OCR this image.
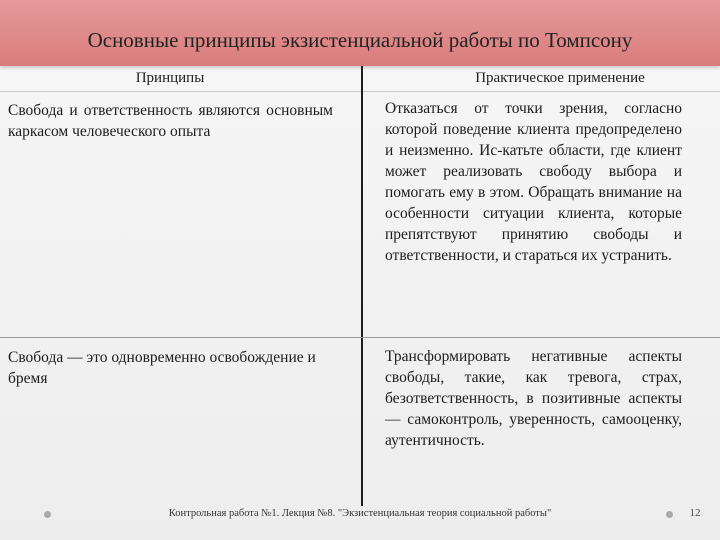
Основные принципы экзистенциальной работы по Томпсону
Принципы	Практическое применение
Свобода и ответственность являются основным каркасом человеческого опыта
Отказаться от точки зрения, согласно которой поведение клиента предопределено и неизменно. Ис-катьте области, где клиент может реализовать свободу выбора и помогать ему в этом. Обращать внимание на особенности ситуации клиента, которые препятствуют принятию свободы и ответственности, и стараться их устранить.
Свобода — это одновременно освобождение и бремя
Трансформировать негативные аспекты свободы, такие, как тревога, страх, безответственность, в позитивные аспекты — самоконтроль, уверенность, самооценку, аутентичность.
Контрольная работа №1. Лекция №8. "Экзистенциальная теория социальной работы"	12
